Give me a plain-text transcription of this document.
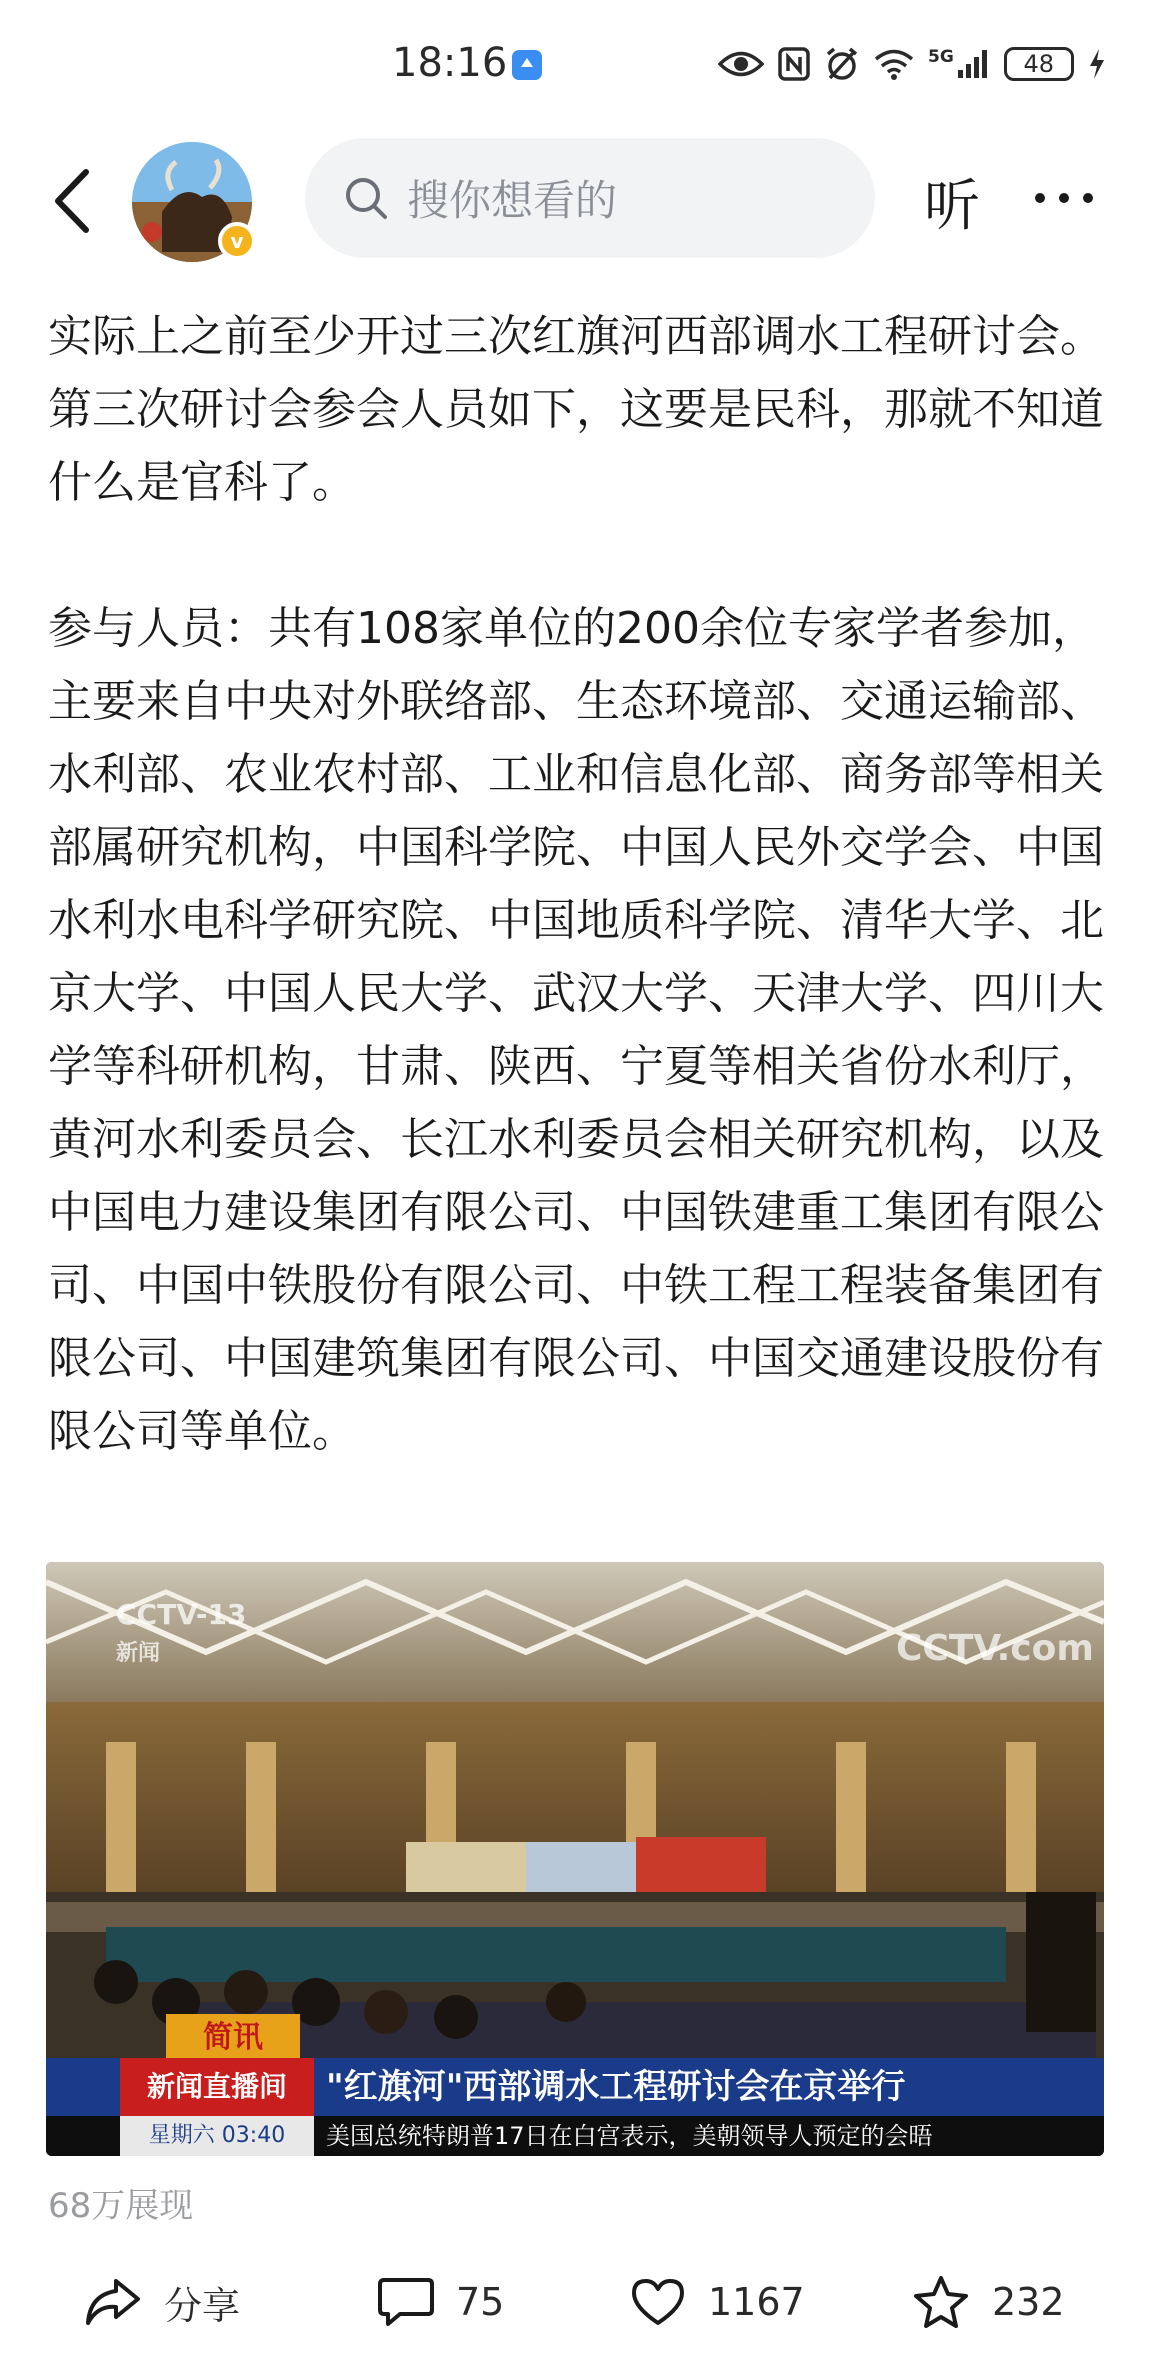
18:16	5G	48
v
搜你想看的	听

实际上之前至少开过三次红旗河西部调水工程研讨会。第三次研讨会参会人员如下，这要是民科，那就不知道什么是官科了。

参与人员：共有108家单位的200余位专家学者参加，主要来自中央对外联络部、生态环境部、交通运输部、水利部、农业农村部、工业和信息化部、商务部等相关部属研究机构，中国科学院、中国人民外交学会、中国水利水电科学研究院、中国地质科学院、清华大学、北京大学、中国人民大学、武汉大学、天津大学、四川大学等科研机构，甘肃、陕西、宁夏等相关省份水利厅，黄河水利委员会、长江水利委员会相关研究机构，以及中国电力建设集团有限公司、中国铁建重工集团有限公司、中国中铁股份有限公司、中铁工程工程装备集团有限公司、中国建筑集团有限公司、中国交通建设股份有限公司等单位。

CCTV-13
新闻	CCTV.com
简讯
新闻直播间	"红旗河"西部调水工程研讨会在京举行
星期六 03:40	美国总统特朗普17日在白宫表示，美朝领导人预定的会晤
68万展现
分享	75	1167	232
